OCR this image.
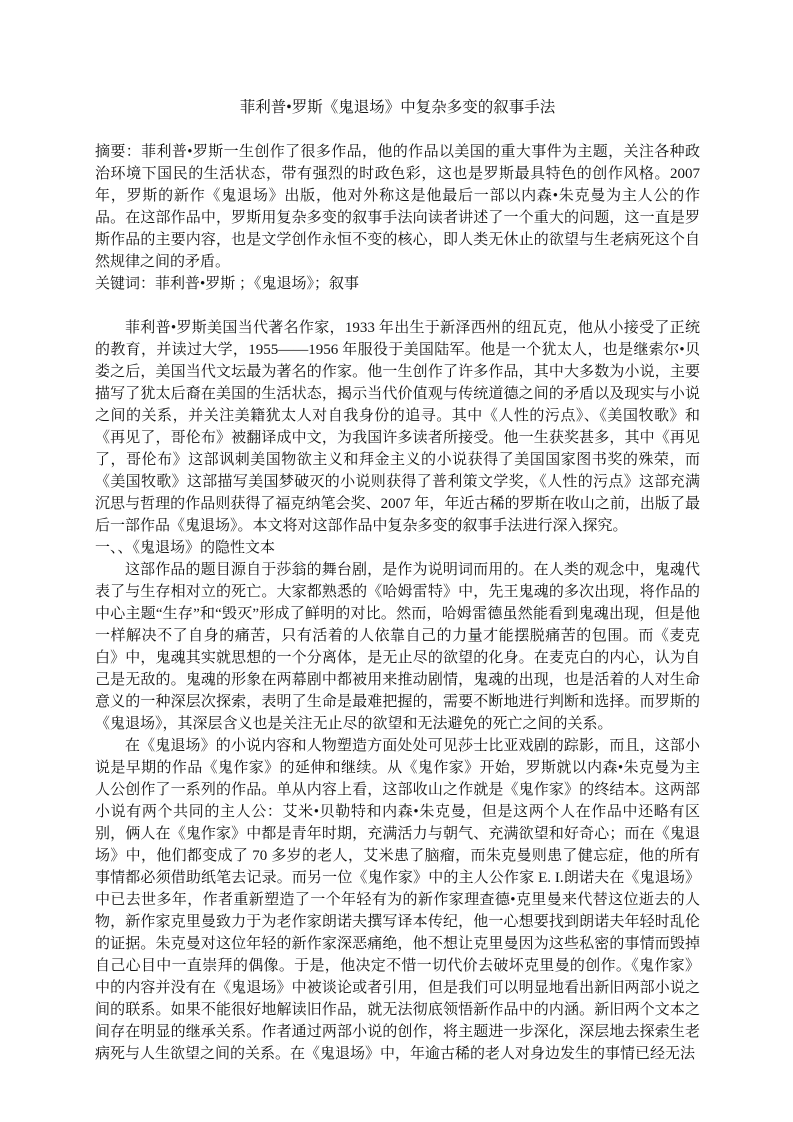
菲利普•罗斯《鬼退场》中复杂多变的叙事手法

摘要：菲利普•罗斯一生创作了很多作品，他的作品以美国的重大事件为主题，关注各种政治环境下国民的生活状态，带有强烈的时政色彩，这也是罗斯最具特色的创作风格。2007 年，罗斯的新作《鬼退场》出版，他对外称这是他最后一部以内森•朱克曼为主人公的作品。在这部作品中，罗斯用复杂多变的叙事手法向读者讲述了一个重大的问题，这一直是罗斯作品的主要内容，也是文学创作永恒不变的核心，即人类无休止的欲望与生老病死这个自然规律之间的矛盾。

关键词：菲利普•罗斯 ；《鬼退场》；叙事

菲利普•罗斯美国当代著名作家，1933 年出生于新泽西州的纽瓦克，他从小接受了正统的教育，并读过大学，1955——1956 年服役于美国陆军。他是一个犹太人，也是继索尔•贝娄之后，美国当代文坛最为著名的作家。他一生创作了许多作品，其中大多数为小说，主要描写了犹太后裔在美国的生活状态，揭示当代价值观与传统道德之间的矛盾以及现实与小说之间的关系，并关注美籍犹太人对自我身份的追寻。其中《人性的污点》、《美国牧歌》和《再见了，哥伦布》被翻译成中文，为我国许多读者所接受。他一生获奖甚多，其中《再见了，哥伦布》这部讽刺美国物欲主义和拜金主义的小说获得了美国国家图书奖的殊荣，而《美国牧歌》这部描写美国梦破灭的小说则获得了普利策文学奖，《人性的污点》这部充满沉思与哲理的作品则获得了福克纳笔会奖、2007 年，年近古稀的罗斯在收山之前，出版了最后一部作品《鬼退场》。本文将对这部作品中复杂多变的叙事手法进行深入探究。

一、、《鬼退场》的隐性文本

这部作品的题目源自于莎翁的舞台剧，是作为说明词而用的。在人类的观念中，鬼魂代表了与生存相对立的死亡。大家都熟悉的《哈姆雷特》中，先王鬼魂的多次出现，将作品的中心主题“生存”和“毁灭”形成了鲜明的对比。然而，哈姆雷德虽然能看到鬼魂出现，但是他一样解决不了自身的痛苦，只有活着的人依靠自己的力量才能摆脱痛苦的包围。而《麦克白》中，鬼魂其实就思想的一个分离体，是无止尽的欲望的化身。在麦克白的内心，认为自己是无敌的。鬼魂的形象在两幕剧中都被用来推动剧情，鬼魂的出现，也是活着的人对生命意义的一种深层次探索，表明了生命是最难把握的，需要不断地进行判断和选择。而罗斯的《鬼退场》，其深层含义也是关注无止尽的欲望和无法避免的死亡之间的关系。

在《鬼退场》的小说内容和人物塑造方面处处可见莎士比亚戏剧的踪影，而且，这部小说是早期的作品《鬼作家》的延伸和继续。从《鬼作家》开始，罗斯就以内森•朱克曼为主人公创作了一系列的作品。单从内容上看，这部收山之作就是《鬼作家》的终结本。这两部小说有两个共同的主人公：艾米•贝勒特和内森•朱克曼，但是这两个人在作品中还略有区别，俩人在《鬼作家》中都是青年时期，充满活力与朝气、充满欲望和好奇心；而在《鬼退场》中，他们都变成了 70 多岁的老人，艾米患了脑瘤，而朱克曼则患了健忘症，他的所有事情都必须借助纸笔去记录。而另一位《鬼作家》中的主人公作家 E. I.朗诺夫在《鬼退场》中已去世多年，作者重新塑造了一个年轻有为的新作家理查德•克里曼来代替这位逝去的人物，新作家克里曼致力于为老作家朗诺夫撰写译本传纪，他一心想要找到朗诺夫年轻时乱伦的证据。朱克曼对这位年轻的新作家深恶痛绝，他不想让克里曼因为这些私密的事情而毁掉自己心目中一直崇拜的偶像。于是，他决定不惜一切代价去破坏克里曼的创作。《鬼作家》中的内容并没有在《鬼退场》中被谈论或者引用，但是我们可以明显地看出新旧两部小说之间的联系。如果不能很好地解读旧作品，就无法彻底领悟新作品中的内涵。新旧两个文本之间存在明显的继承关系。作者通过两部小说的创作，将主题进一步深化，深层地去探索生老病死与人生欲望之间的关系。在《鬼退场》中，年逾古稀的老人对身边发生的事情已经无法
